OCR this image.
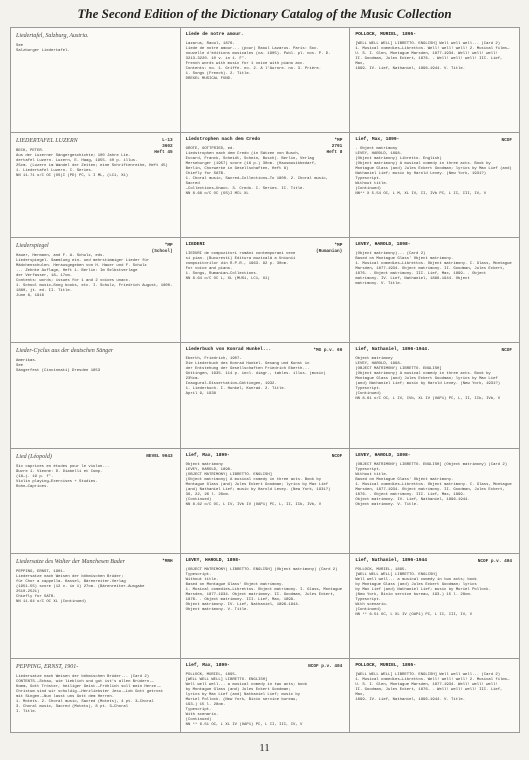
The Second Edition of the Dictionary Catalog of the Music Collection
Liedertafel, Salzburg, Austria.
See
Salzburger Liedertafel.
Liede de notre amour.
Lazarus, Raoul, 1876-
Liede de notre amour... (pour) Raoul Lazarus. Paris: Soc.
nouvelle d'éditions musicales (ca. 1905). Publ. pl. nos. P. D.
3213-3220. 10 v. in 1. F°.
French words with music for 1 voice with piano acc.
Contents: no. 1. Griffe. no. 2. A l'Aurore. no. 3. Prière.
1. Songs (French). 2. Title.
DREXEL MUSICAL FUND.
POLLOCK, MURIEL, 1895-
[WELL WELL WELL] LIBRETTO. ENGLISH] Well well well... (Card 2)
1. Musical comedies—Librettos. Well! well! well! 2. Musical films—
U. S. I. Glen, Montague Marsden, 1877-1934. Well! well! well!
II. Goodman, Jules Eckert, 1876- . Well! well! well! III. Lief, Max,
1899- IV. Lief, Nathaniel, 1896-1944. V. Title.
LIEDERTAFEL LUZERN	L-13
3602
Heft 45
BECK, PETER.
Aus der Luzerner Sängergeschichte; 100 Jahre Lie-
dertafel Luzern. Luzern, E. Haag, 1955. 40 p. illus.
25cm. (Luzern im Wandel der Zeiten; eine Schriftenreihe, Heft 45)
1. Liedertafel Luzern. I. Series.
NN 11.71 o/C OC (OS)I (PD) PC, L I ML, (LC1, X1)
Liedstrophen nach dem Credo	*MP
2791
Heft 8
GROTE, GOTTFRIED, ed.
Liedstrophen nach dem Credo (in Sätzen von Busch,
Eccard, Franck, Scheidt, Schein, Busch). Berlin, Verlag
Merseburger (1957) score (16 p.) 30cm. (Hausmusikbedarf,
Berlin, Chorwerke in Gesellschaften, Heft 8)
Chiefly for SATB.
1. Choral music, Sacred—Collections—To 1800. 2. Choral music, Sacred
—Collections—Unacc. 3. Credo. I. Series. II. Title.
NN 8.68 o/C OC (OS)I MCL XL
Lief, Max, 1899-	NCOF
. Object matrimony
LEVEY, HAROLD, 1898-
(Object matrimony) Libretto. English)
(Object matrimony) A musical comedy in three acts. Book by
Montague Glass (and) Jules Eckert Goodman; lyrics by Max Lief (and)
Nathaniel Lief; music by Harold Levey. (New York, 1931?)
Typescript.
Without title.
(Continued)
NN** X 5.54 OC, L M, XL IV, II, IVb PC, L II, III, IV, V
Liederspiegel	*MP
(School)
Hauer, Hermann, and F. A. Schulz, eds.
Liederspiegel. Sammlung ein- und mehrstimmiger Lieder für
Mädchenschulen. Herausgegeben von H. Hauer und F. Schulz
... Zehnte Auflage, Heft 1- Berlin: Im Selbstverlage
der Verfasser, 18— 17cm.
Contents: words; issues for 1 and 2 voices unacc.
1. School music—Song books, etc. I. Schulz, Friedrich August, 1800-
1880, jt. ed. II. Title.
June 8, 1916
LIEDERI	*MP
(Rumanian)
LIEDURI de compozitori români contemporani vece
si pian. (Bucuresti) Editura muzicală a Uniunii
compozitorilor din R.P.R., 1963. 92 p. 30cm.
For voice and piano.
1. Songs, Rumanian—Collections.
NN 8.64 o/C OC L, XL (MUS1, LC1, X1)
LEVEY, HAROLD, 1898-
(Object matrimony)... (Card 2)
Based on Montague Glass' Object matrimony.
1. Musical comedies—Librettos. Object matrimony. I. Glass, Montague
Marsden, 1877-1934. Object matrimony. II. Goodman, Jules Eckert,
1876- . Object matrimony. III. Lief, Max, 1899- . Object
matrimony. IV. Lief, Nathaniel, 1896-1944. Object
matrimony. V. Title.
Lieder-Cyclus aus der deutschen Sänger
Amerikas.
See
Sängerfest (Cincinnati) Dresden 1853
Liederbuch von Konrad Hunkel...	*MG p.v. 66
Eberth, Friedrich, 1907-
Die Liederbuch des Konrad Hunkel. Gesang und Kunst in
der Entstehung der Gesellschaften Friedrich Eberth...
Göttingen, 1935. 114 p. incl. diagr., tables. illus. (music)
23½cm.
Inaugural-Dissertation—Göttingen, 1932.
1. Liederbuch. I. Hunkel, Konrad. 2. Title.
April 9, 1938
Lief, Nathaniel, 1896-1944.	NCOF
Object matrimony
LEVEY, HAROLD, 1898-
(OBJECT MATRIMONY) LIBRETTO. ENGLISH]
(Object matrimony) A musical comedy in three acts. Book by
Montague Glass (and) Jules Eckert Goodman; lyrics by Max Lief
(and) Nathaniel Lief; music by Harold Levey. (New York, 1931?)
Typescript.
(Continued)
NN 8.61 o/C OC, L IV, IVb, XL IV (OAP1) PC, L, II, IIb, IVb, V
Lied (Léopold)	NEVEL 9643
Six caprices en études pour le violon...
Œuvre 1. Vienne: D. Diabelli et Comp.
(18—). 19 p. f°.
Violin playing—Exercises + Studies.
Rohn—Caprices.
Lief, Max, 1899-	NCOF
Object matrimony
LEVEY, HAROLD, 1898-
(OBJECT MATRIMONY) LIBRETTO. ENGLISH]
(Object matrimony) A musical comedy in three acts. Book by
Montague Glass (and) Jules Eckert Goodman; lyrics by Max Lief
(and) Nathaniel Lief; music by Harold Levey. (New York, 1931?)
36, 22, 26 l. 28cm.
(Continued)
NN 8.62 o/C OC, L IV, IVb IV (OAP1) PC, L, II, IIb, IVb, V
LEVEY, HAROLD, 1898-
(OBJECT MATRIMONY) LIBRETTO. ENGLISH] (Object matrimony) (Card 2)
Typescript.
Without title.
Based on Montague Glass' Object matrimony.
1. Musical comedies—Librettos. Object matrimony. I. Glass, Montague
Marsden, 1877-1934. Object matrimony. II. Goodman, Jules Eckert,
1876- . Object matrimony. III. Lief, Max, 1899-
Object matrimony. IV. Lief, Nathaniel, 1896-1944.
Object matrimony. V. Title.
Liedersatze des Walter der Manchesen Bader	*MRH
PEPPING, ERNST, 1901-
Liedersatze nach Weisen der böhmischen Brüder;
für Chor a cappella. Kassel, Bärenreiter-Verlag
(1951-55) score (12 v. in 1) 27cm. (Bärenreiter-Ausgabe
2510-2521)
Chiefly for SATB.
NN 11.64 o/C OC XL (Continued)
LEVEY, HAROLD, 1898-
(OBJECT MATRIMONY) LIBRETTO. ENGLISH] (Object matrimony) (Card 2)
Typescript.
Without title.
Based on Montague Glass' Object matrimony.
1. Musical comedies—Librettos. Object matrimony. I. Glass, Montague
Marsden, 1877-1934. Object matrimony. II. Goodman, Jules Eckert,
1876- . Object matrimony. III. Lief, Max, 1899-
Object matrimony. IV. Lief, Nathaniel, 1896-1944.
Object matrimony. V. Title.
Lief, Nathaniel, 1896-1944	NCOF p.v. 404
POLLOCK, MURIEL, 1895-
[WELL WELL WELL] LIBRETTO. ENGLISH]
Well well well... a musical comedy in two acts; book
by Montague Glass (and) Jules Eckert Goodman; lyrics
by Max Lief (and) Nathaniel Lief; music by Muriel Pollock.
(New York, Bixio service bureau, 193-) 15 l. 28cm.
Typescript.
With scenario.
(Continued)
NN ** 6.51 OC, L XL IV (OAP1) PC, L II, III, IV, V
PEPPING, ERNST, 1901-
Liedersatze nach Weisen der böhmischen Brüder... (Card 2)
CONTENTS.—Schau, wie lieblich und gut ist's allen Brüdern.—
Komm, Gott Tröster, heiliger Geist.—Fröhlich soll mein Herze.—
Christum sind wir schuldig.—Herzliebster Jesu.—Lob Gott getrost
mit Singen.—Nun lasst uns Gott dem Herren.
1. Motets. 2. Choral music, Sacred (Motets), 4 pt. 3—Choral
3. Choral music, Sacred (Motets), 8 pt. 3—Choral
I. Title.
Lief, Max, 1899-	NCOF p.v. 404
POLLOCK, MURIEL, 1895-
[WELL WELL WELL] LIBRETTO. ENGLISH]
Well well well... a musical comedy in two acts; book
by Montague Glass (and) Jules Eckert Goodman;
lyrics by Max Lief (and) Nathaniel Lief; music by
Muriel Pollock. (New York, Bixio service bureau,
193-) 15 l. 28cm.
Typescript.
With scenario.
(Continued)
NN ** 6.51 OC, L XL IV (OAP1) PC, L II, III, IV, V
POLLOCK, MURIEL, 1895-
[WELL WELL WELL] LIBRETTO. ENGLISH] Well well well... (Card 2)
1. Musical comedies—Librettos. Well! well! well! 2. Musical films—
U. S. I. Glen, Montague Marsden, 1877-1934. Well! well! well!
II. Goodman, Jules Eckert, 1876- . Well! well! well! III. Lief, Max,
1899- IV. Lief, Nathaniel, 1896-1944. V. Title.
11
